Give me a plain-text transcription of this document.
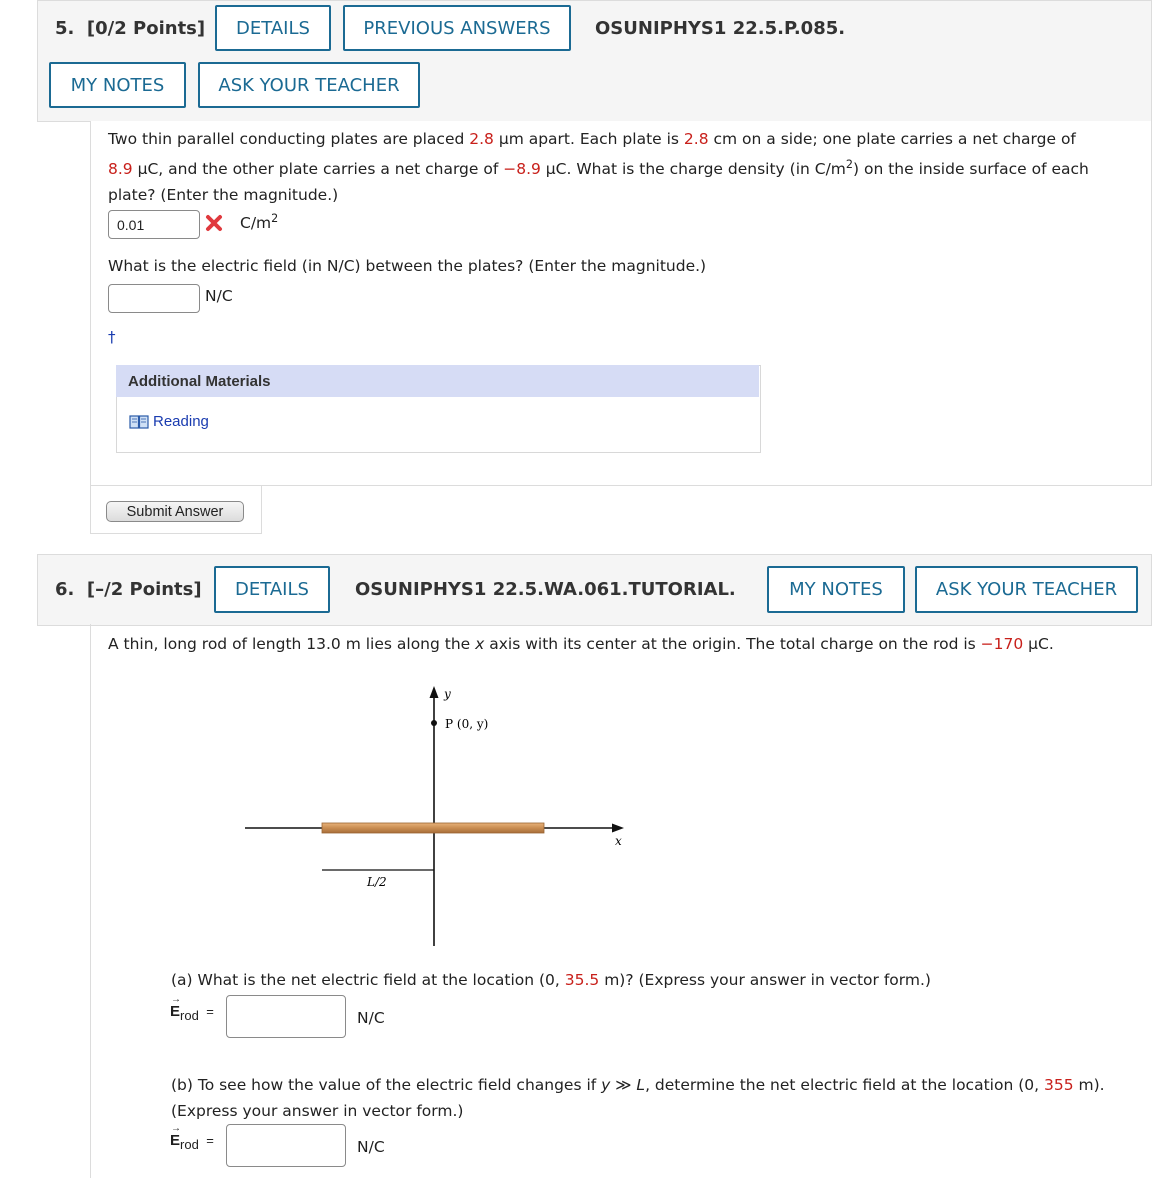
5. [0/2 Points]	DETAILS	PREVIOUS ANSWERS	OSUNIPHYS1 22.5.P.085.
MY NOTES	ASK YOUR TEACHER
Two thin parallel conducting plates are placed 2.8 μm apart. Each plate is 2.8 cm on a side; one plate carries a net charge of
8.9 μC, and the other plate carries a net charge of −8.9 μC. What is the charge density (in $C/m^2$) on the inside surface of each
plate? (Enter the magnitude.)
0.01	$C/m^2$
What is the electric field (in N/C) between the plates? (Enter the magnitude.)
N/C
†
Additional Materials
Reading
Submit Answer
6. [–/2 Points]	DETAILS	OSUNIPHYS1 22.5.WA.061.TUTORIAL.	MY NOTES	ASK YOUR TEACHER
A thin, long rod of length 13.0 m lies along the x axis with its center at the origin. The total charge on the rod is −170 μC.
y
P (0, y)
x
L/2
(a) What is the net electric field at the location (0, 35.5 m)? (Express your answer in vector form.)
→
$E_{rod}$ =	N/C
(b) To see how the value of the electric field changes if y ≫ L, determine the net electric field at the location (0, 355 m).
(Express your answer in vector form.)
→
$E_{rod}$ =	N/C
